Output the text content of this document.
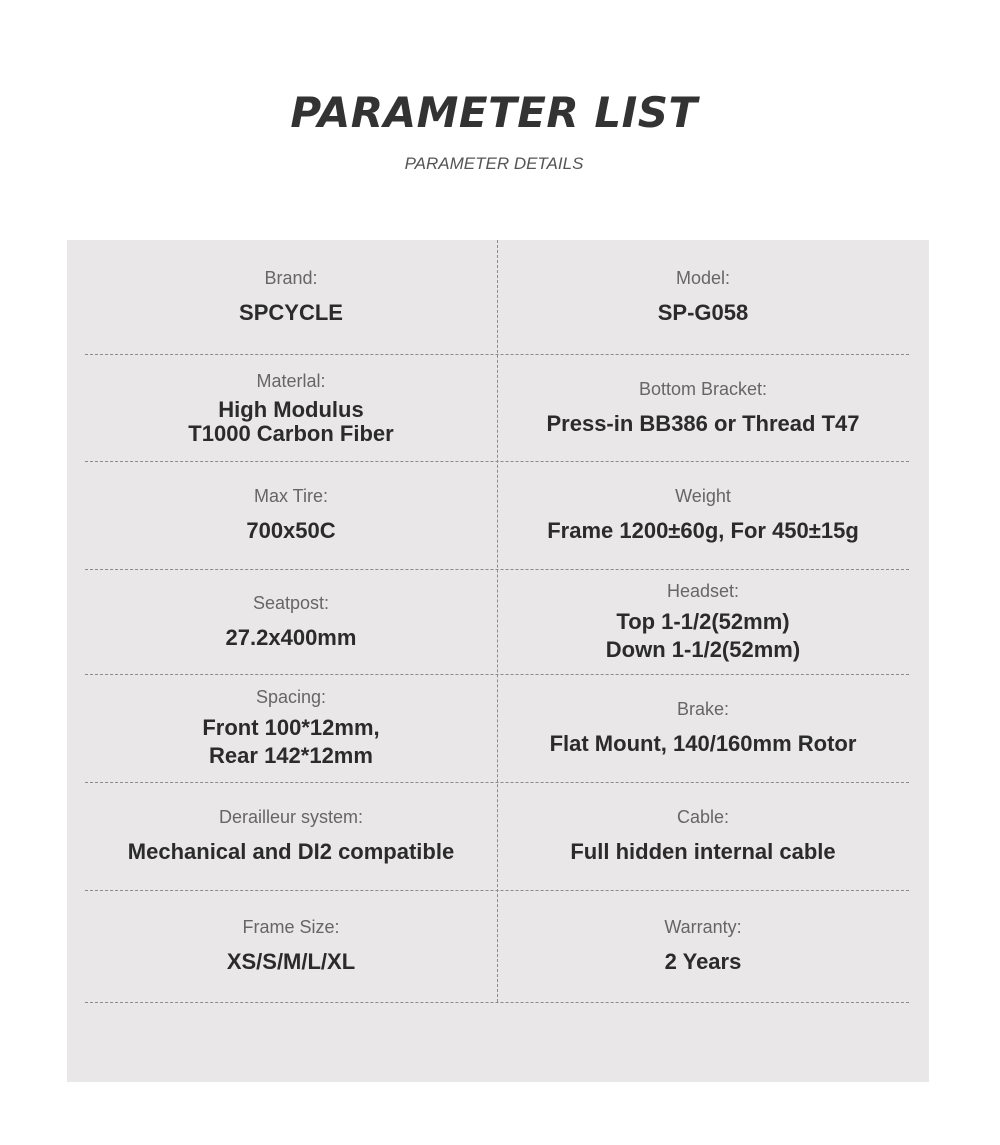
PARAMETER LIST

PARAMETER DETAILS

Brand:
SPCYCLE
Model:
SP-G058
Materlal:
High Modulus
T1000 Carbon Fiber
Bottom Bracket:
Press-in BB386 or Thread T47
Max Tire:
700x50C
Weight
Frame 1200±60g, For 450±15g
Seatpost:
27.2x400mm
Headset:
Top 1-1/2(52mm)
Down 1-1/2(52mm)
Spacing:
Front 100*12mm,
Rear 142*12mm
Brake:
Flat Mount, 140/160mm Rotor
Derailleur system:
Mechanical and DI2 compatible
Cable:
Full hidden internal cable
Frame Size:
XS/S/M/L/XL
Warranty:
2 Years
